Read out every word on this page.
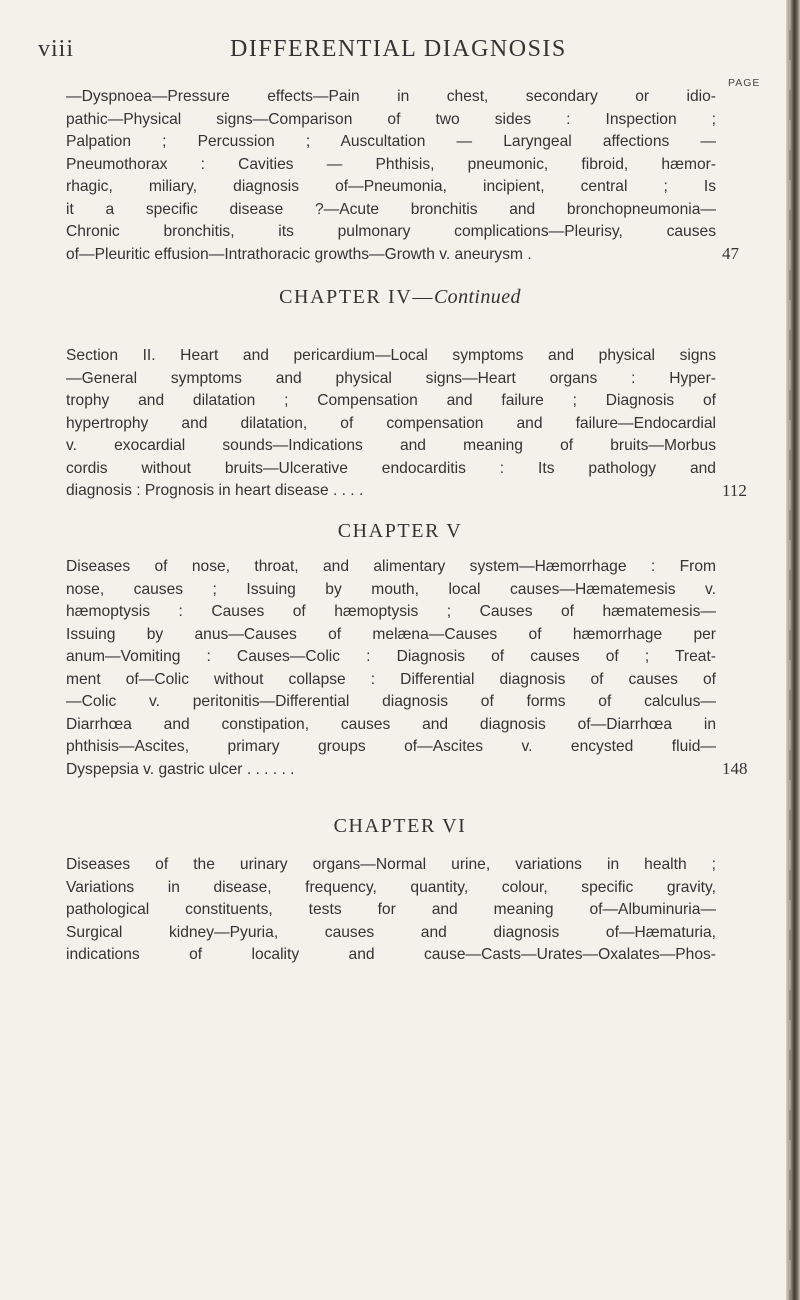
viii	DIFFERENTIAL DIAGNOSIS
PAGE
—Dyspnoea—Pressure effects—Pain in chest, secondary or idio-
pathic—Physical signs—Comparison of two sides : Inspection ;
Palpation ; Percussion ; Auscultation — Laryngeal affections —
Pneumothorax : Cavities — Phthisis, pneumonic, fibroid, hæmor-
rhagic, miliary, diagnosis of—Pneumonia, incipient, central ; Is
it a specific disease ?—Acute bronchitis and bronchopneumonia—
Chronic bronchitis, its pulmonary complications—Pleurisy, causes
of—Pleuritic effusion—Intrathoracic growths—Growth v. aneurysm .	47
CHAPTER IV—Continued
Section II. Heart and pericardium—Local symptoms and physical signs
—General symptoms and physical signs—Heart organs : Hyper-
trophy and dilatation ; Compensation and failure ; Diagnosis of
hypertrophy and dilatation, of compensation and failure—Endocardial
v. exocardial sounds—Indications and meaning of bruits—Morbus
cordis without bruits—Ulcerative endocarditis : Its pathology and
diagnosis : Prognosis in heart disease . . . .	112
CHAPTER V
Diseases of nose, throat, and alimentary system—Hæmorrhage : From
nose, causes ; Issuing by mouth, local causes—Hæmatemesis v.
hæmoptysis : Causes of hæmoptysis ; Causes of hæmatemesis—
Issuing by anus—Causes of melæna—Causes of hæmorrhage per
anum—Vomiting : Causes—Colic : Diagnosis of causes of ; Treat-
ment of—Colic without collapse : Differential diagnosis of causes of
—Colic v. peritonitis—Differential diagnosis of forms of calculus—
Diarrhœa and constipation, causes and diagnosis of—Diarrhœa in
phthisis—Ascites, primary groups of—Ascites v. encysted fluid—
Dyspepsia v. gastric ulcer . . . . . .	148
CHAPTER VI
Diseases of the urinary organs—Normal urine, variations in health ;
Variations in disease, frequency, quantity, colour, specific gravity,
pathological constituents, tests for and meaning of—Albuminuria—
Surgical kidney—Pyuria, causes and diagnosis of—Hæmaturia,
indications of locality and cause—Casts—Urates—Oxalates—Phos-
